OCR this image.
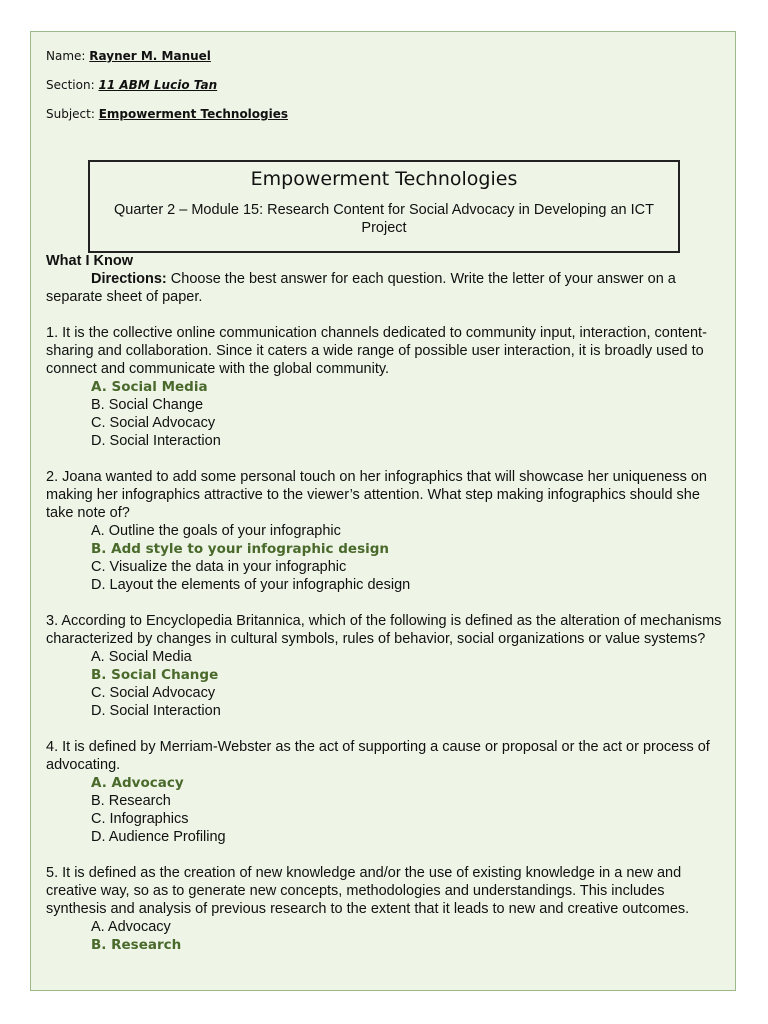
Name: Rayner M. Manuel
Section: 11 ABM Lucio Tan
Subject: Empowerment Technologies
Empowerment Technologies
Quarter 2 – Module 15: Research Content for Social Advocacy in Developing an ICT Project
What I Know
Directions: Choose the best answer for each question. Write the letter of your answer on a separate sheet of paper.
1. It is the collective online communication channels dedicated to community input, interaction, content-sharing and collaboration. Since it caters a wide range of possible user interaction, it is broadly used to connect and communicate with the global community.
A. Social Media
B. Social Change
C. Social Advocacy
D. Social Interaction
2. Joana wanted to add some personal touch on her infographics that will showcase her uniqueness on making her infographics attractive to the viewer’s attention. What step making infographics should she take note of?
A. Outline the goals of your infographic
B. Add style to your infographic design
C. Visualize the data in your infographic
D. Layout the elements of your infographic design
3. According to Encyclopedia Britannica, which of the following is defined as the alteration of mechanisms characterized by changes in cultural symbols, rules of behavior, social organizations or value systems?
A. Social Media
B. Social Change
C. Social Advocacy
D. Social Interaction
4. It is defined by Merriam-Webster as the act of supporting a cause or proposal or the act or process of advocating.
A. Advocacy
B. Research
C. Infographics
D. Audience Profiling
5. It is defined as the creation of new knowledge and/or the use of existing knowledge in a new and creative way, so as to generate new concepts, methodologies and understandings. This includes synthesis and analysis of previous research to the extent that it leads to new and creative outcomes.
A. Advocacy
B. Research
